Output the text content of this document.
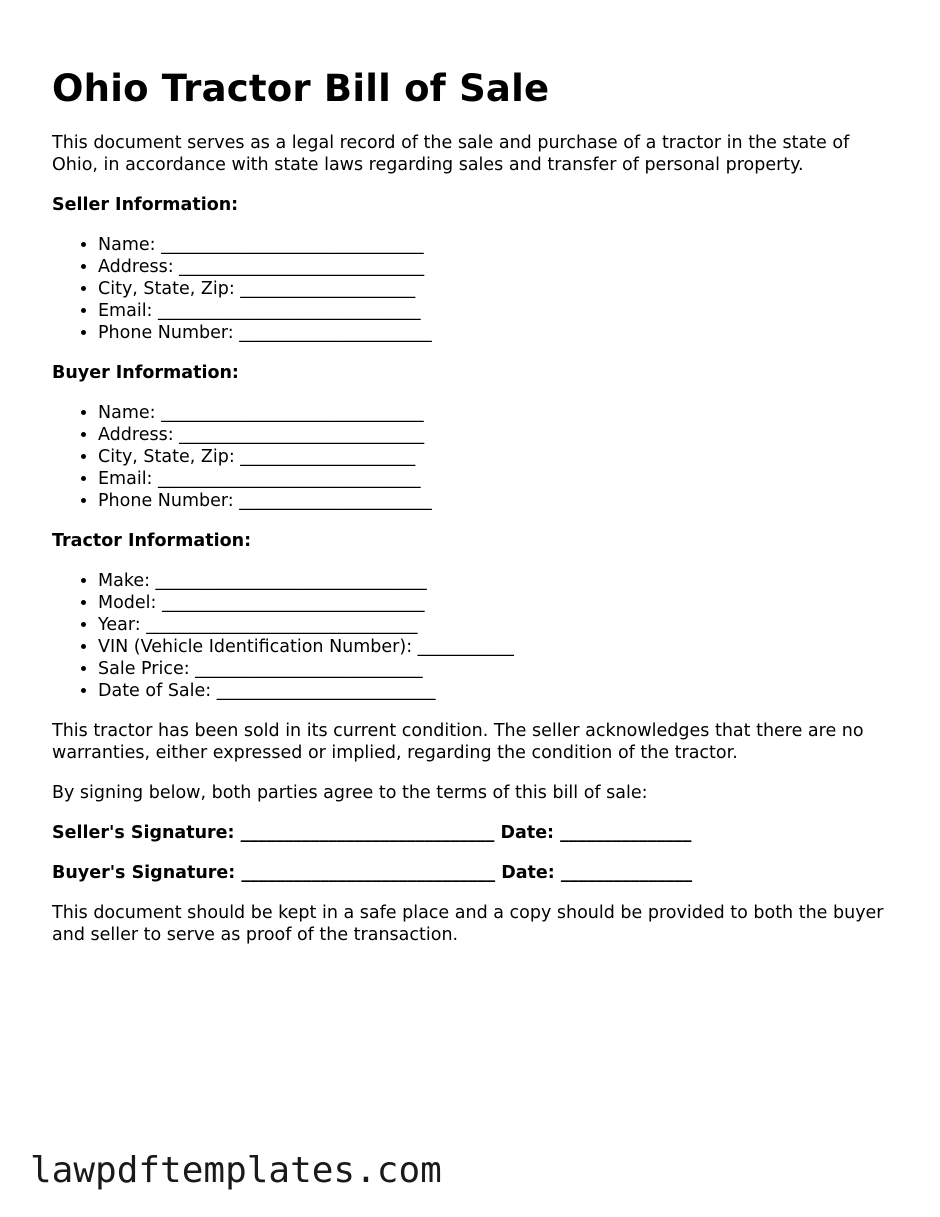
Ohio Tractor Bill of Sale

This document serves as a legal record of the sale and purchase of a tractor in the state of Ohio, in accordance with state laws regarding sales and transfer of personal property.

Seller Information:
• Name: ______________________________
• Address: ____________________________
• City, State, Zip: ____________________
• Email: ______________________________
• Phone Number: ______________________
Buyer Information:
• Name: ______________________________
• Address: ____________________________
• City, State, Zip: ____________________
• Email: ______________________________
• Phone Number: ______________________
Tractor Information:
• Make: _______________________________
• Model: ______________________________
• Year: _______________________________
• VIN (Vehicle Identification Number): ___________
• Sale Price: __________________________
• Date of Sale: _________________________

This tractor has been sold in its current condition. The seller acknowledges that there are no warranties, either expressed or implied, regarding the condition of the tractor.

By signing below, both parties agree to the terms of this bill of sale:

Seller's Signature: _____________________________ Date: _______________
Buyer's Signature: _____________________________ Date: _______________

This document should be kept in a safe place and a copy should be provided to both the buyer and seller to serve as proof of the transaction.

lawpdftemplates.com
